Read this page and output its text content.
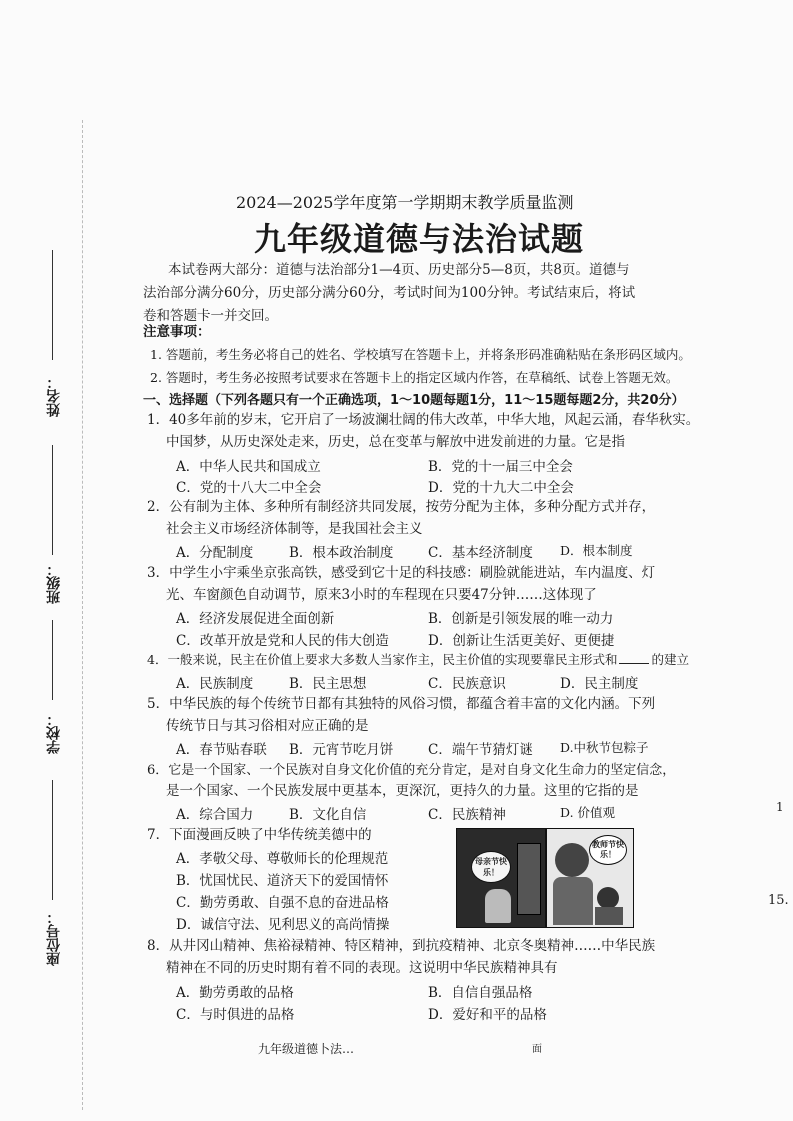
姓名：
班级：
学校：
座位号：
2024—2025学年度第一学期期末教学质量监测
九年级道德与法治试题
本试卷两大部分：道德与法治部分1—4页、历史部分5—8页，共8页。道德与
法治部分满分60分，历史部分满分60分，考试时间为100分钟。考试结束后，将试
卷和答题卡一并交回。
注意事项：
1. 答题前，考生务必将自己的姓名、学校填写在答题卡上，并将条形码准确粘贴在条形码区域内。
2. 答题时，考生务必按照考试要求在答题卡上的指定区域内作答，在草稿纸、试卷上答题无效。
一、选择题（下列各题只有一个正确选项，1～10题每题1分，11～15题每题2分，共20分）
1．40多年前的岁末，它开启了一场波澜壮阔的伟大改革，中华大地，风起云涌，春华秋实。
中国梦，从历史深处走来，历史，总在变革与解放中进发前进的力量。它是指
A．中华人民共和国成立	B．党的十一届三中全会
C．党的十八大二中全会	D．党的十九大二中全会
2．公有制为主体、多种所有制经济共同发展，按劳分配为主体，多种分配方式并存，
社会主义市场经济体制等，是我国社会主义
A．分配制度	B．根本政治制度	C．基本经济制度 D．根本制度
3．中学生小宇乘坐京张高铁，感受到它十足的科技感：刷脸就能进站，车内温度、灯
光、车窗颜色自动调节，原来3小时的车程现在只要47分钟……这体现了
A．经济发展促进全面创新	B．创新是引领发展的唯一动力
C．改革开放是党和人民的伟大创造	D．创新让生活更美好、更便捷
4．一般来说，民主在价值上要求大多数人当家作主，民主价值的实现要靠民主形式和	的建立
A．民族制度	B．民主思想	C．民族意识	D．民主制度
5．中华民族的每个传统节日都有其独特的风俗习惯，都蕴含着丰富的文化内涵。下列
传统节日与其习俗相对应正确的是
A．春节贴春联 B．元宵节吃月饼	C．端午节猜灯谜 D.中秋节包粽子
6．它是一个国家、一个民族对自身文化价值的充分肯定，是对自身文化生命力的坚定信念，
是一个国家、一个民族发展中更基本，更深沉，更持久的力量。这里的它指的是
A．综合国力	B．文化自信	C．民族精神	D. 价值观
7．下面漫画反映了中华传统美德中的
A．孝敬父母、尊敬师长的伦理规范
B．忧国忧民、道济天下的爱国情怀
C．勤劳勇敢、自强不息的奋进品格
D．诚信守法、见利思义的高尚情操
母亲节快乐！
教师节快乐！
8．从井冈山精神、焦裕禄精神、特区精神，到抗疫精神、北京冬奥精神……中华民族
精神在不同的历史时期有着不同的表现。这说明中华民族精神具有
A．勤劳勇敢的品格	B．自信自强品格
C．与时俱进的品格	D．爱好和平的品格
九年级道德卜法…	面
1
15.
